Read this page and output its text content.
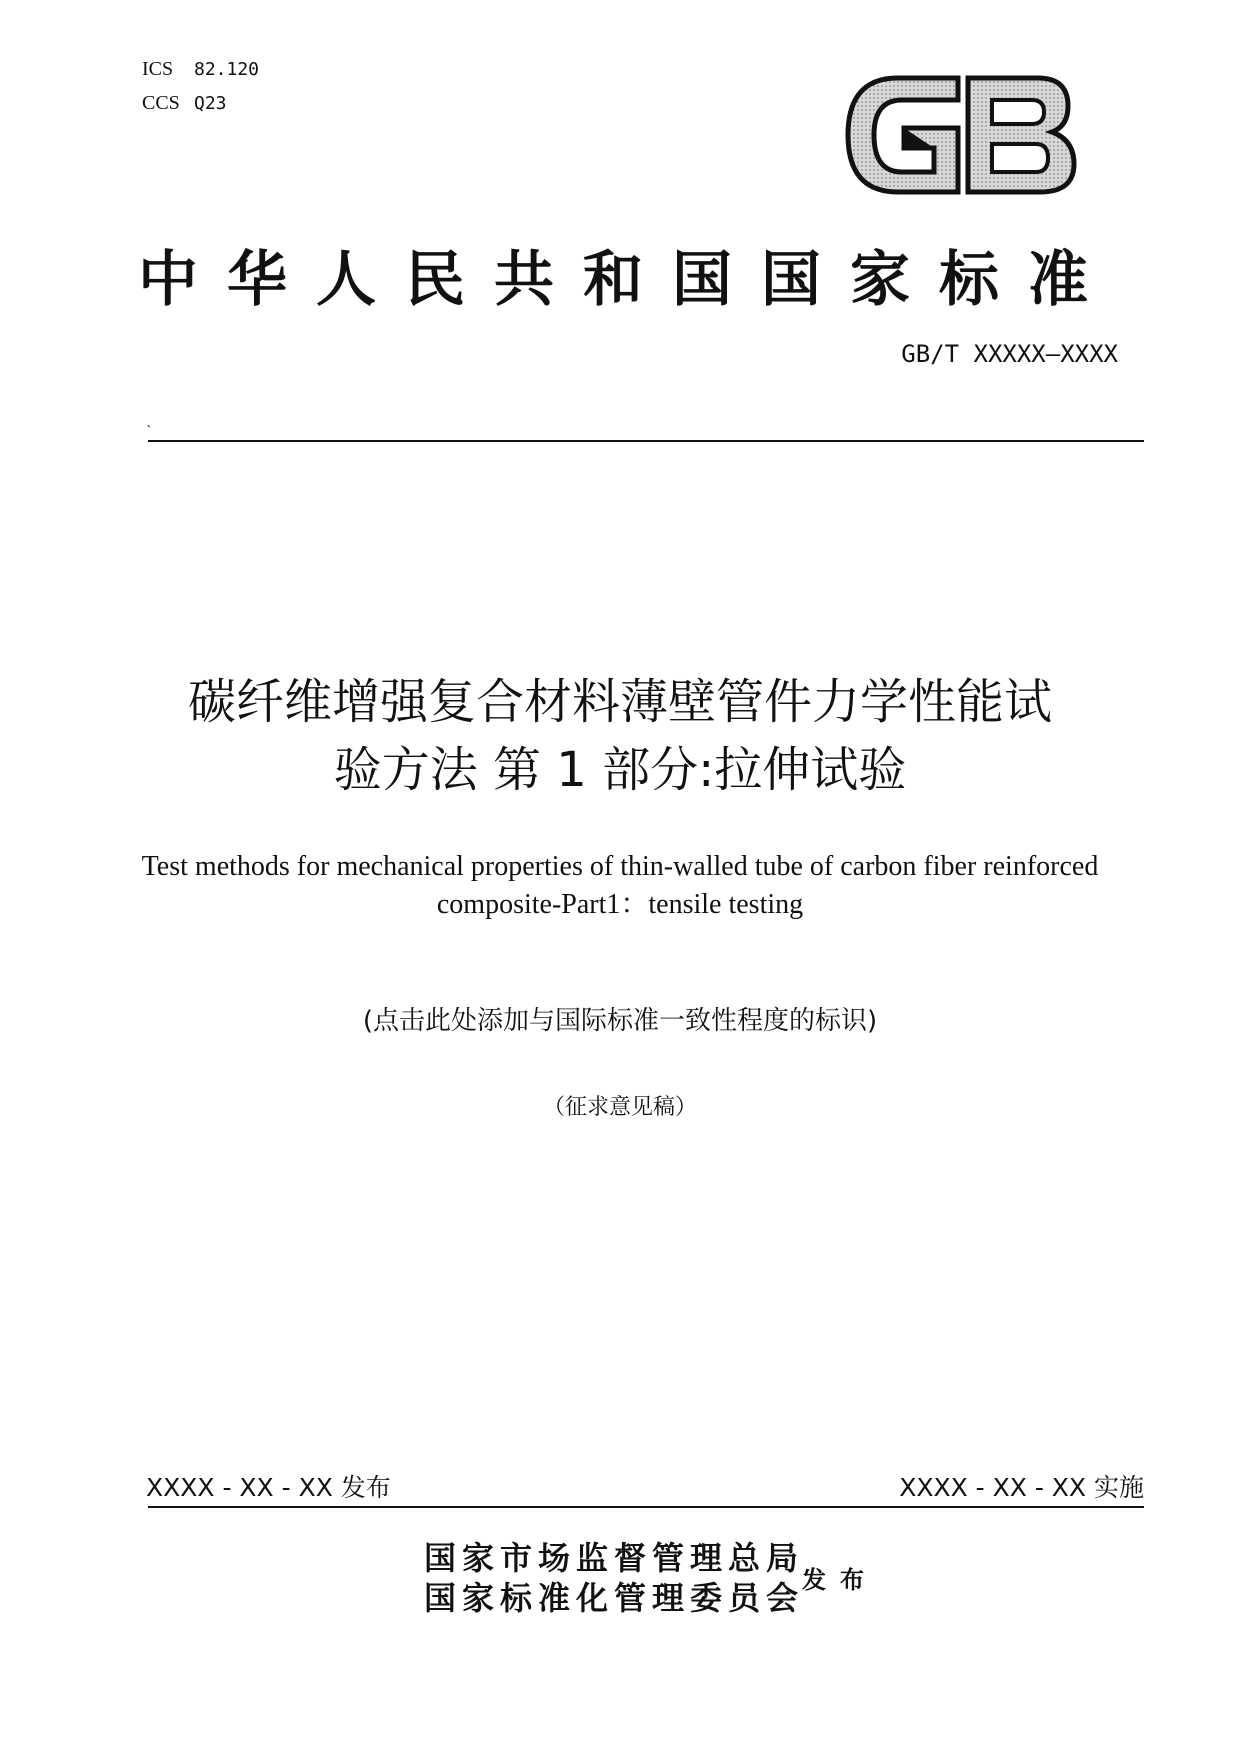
ICS 82.120
CCS Q23
GB
中华人民共和国国家标准
GB/T XXXXX—XXXX
`
碳纤维增强复合材料薄壁管件力学性能试
验方法 第 1 部分:拉伸试验
Test methods for mechanical properties of thin-walled tube of carbon fiber reinforced
composite-Part1：tensile testing
(点击此处添加与国际标准一致性程度的标识)
（征求意见稿）
XXXX - XX - XX 发布	XXXX - XX - XX 实施
国家市场监督管理总局
国家标准化管理委员会
发布
